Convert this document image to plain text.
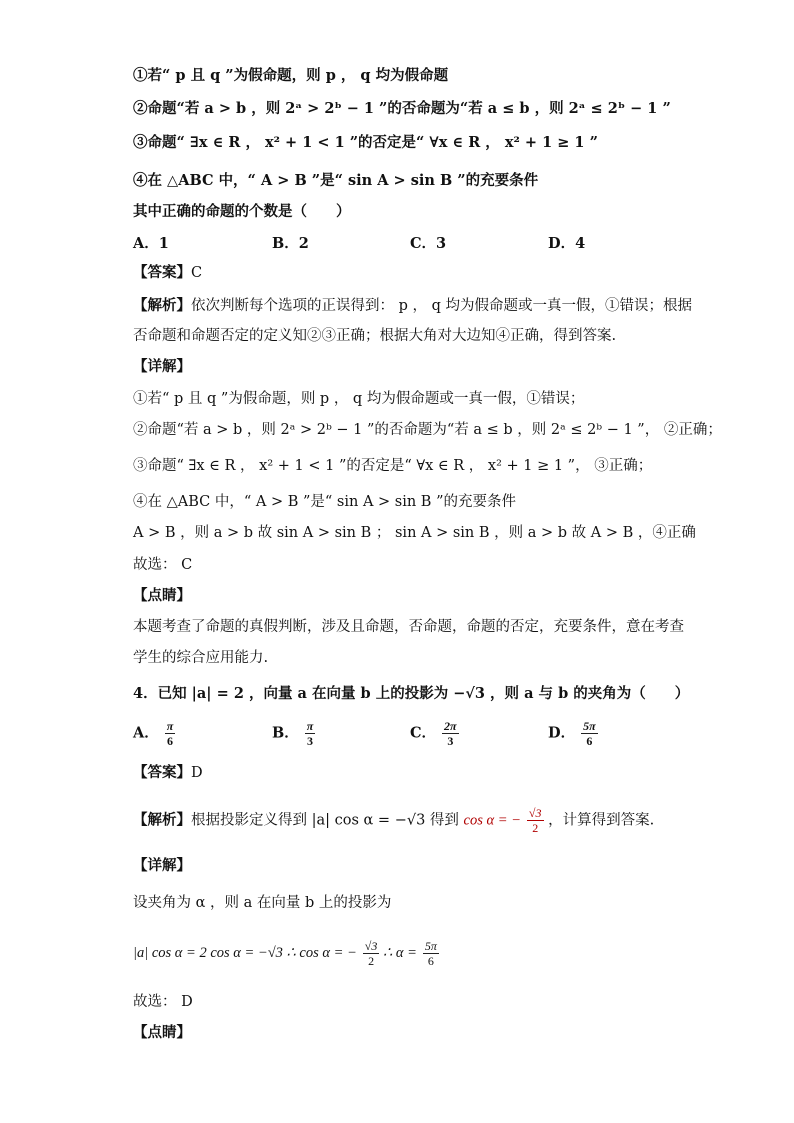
①若“ p 且 q ”为假命题，则 p ， q 均为假命题
②命题“若 a > b ，则 2ᵃ > 2ᵇ − 1 ”的否命题为“若 a ≤ b ，则 2ᵃ ≤ 2ᵇ − 1 ”
③命题“ ∃x ∈ R ， x² + 1 < 1 ”的否定是“ ∀x ∈ R ， x² + 1 ≥ 1 ”
④在 △ABC 中，“ A > B ”是“ sin A > sin B ”的充要条件
其中正确的命题的个数是（　　）
A．1	B．2	C．3	D．4
【答案】C
【解析】依次判断每个选项的正误得到： p ， q 均为假命题或一真一假，①错误；根据
否命题和命题否定的定义知②③正确；根据大角对大边知④正确，得到答案.
【详解】
①若“ p 且 q ”为假命题，则 p ， q 均为假命题或一真一假，①错误；
②命题“若 a > b ，则 2ᵃ > 2ᵇ − 1 ”的否命题为“若 a ≤ b ，则 2ᵃ ≤ 2ᵇ − 1 ”， ②正确；
③命题“ ∃x ∈ R ， x² + 1 < 1 ”的否定是“ ∀x ∈ R ， x² + 1 ≥ 1 ”， ③正确；
④在 △ABC 中，“ A > B ”是“ sin A > sin B ”的充要条件
A > B ，则 a > b 故 sin A > sin B ； sin A > sin B ，则 a > b 故 A > B ，④正确
故选： C
【点睛】
本题考查了命题的真假判断，涉及且命题，否命题，命题的否定，充要条件，意在考查
学生的综合应用能力.
4．已知 |a| = 2 ，向量 a 在向量 b 上的投影为 −√3 ，则 a 与 b 的夹角为（　　）
A． $\frac{\pi}{6}$	B． $\frac{\pi}{3}$	C． $\frac{2\pi}{3}$	D． $\frac{5\pi}{6}$
【答案】D
【解析】根据投影定义得到 |a| cos α = −√3 得到 cos α = − $\frac{√3}{2}$ ，计算得到答案.
【详解】
设夹角为 α ，则 a 在向量 b 上的投影为
|a| cos α = 2 cos α = −√3 ∴ cos α = − $\frac{√3}{2}$ ∴ $\alpha = \frac{5\pi}{6}$
故选： D
【点睛】
